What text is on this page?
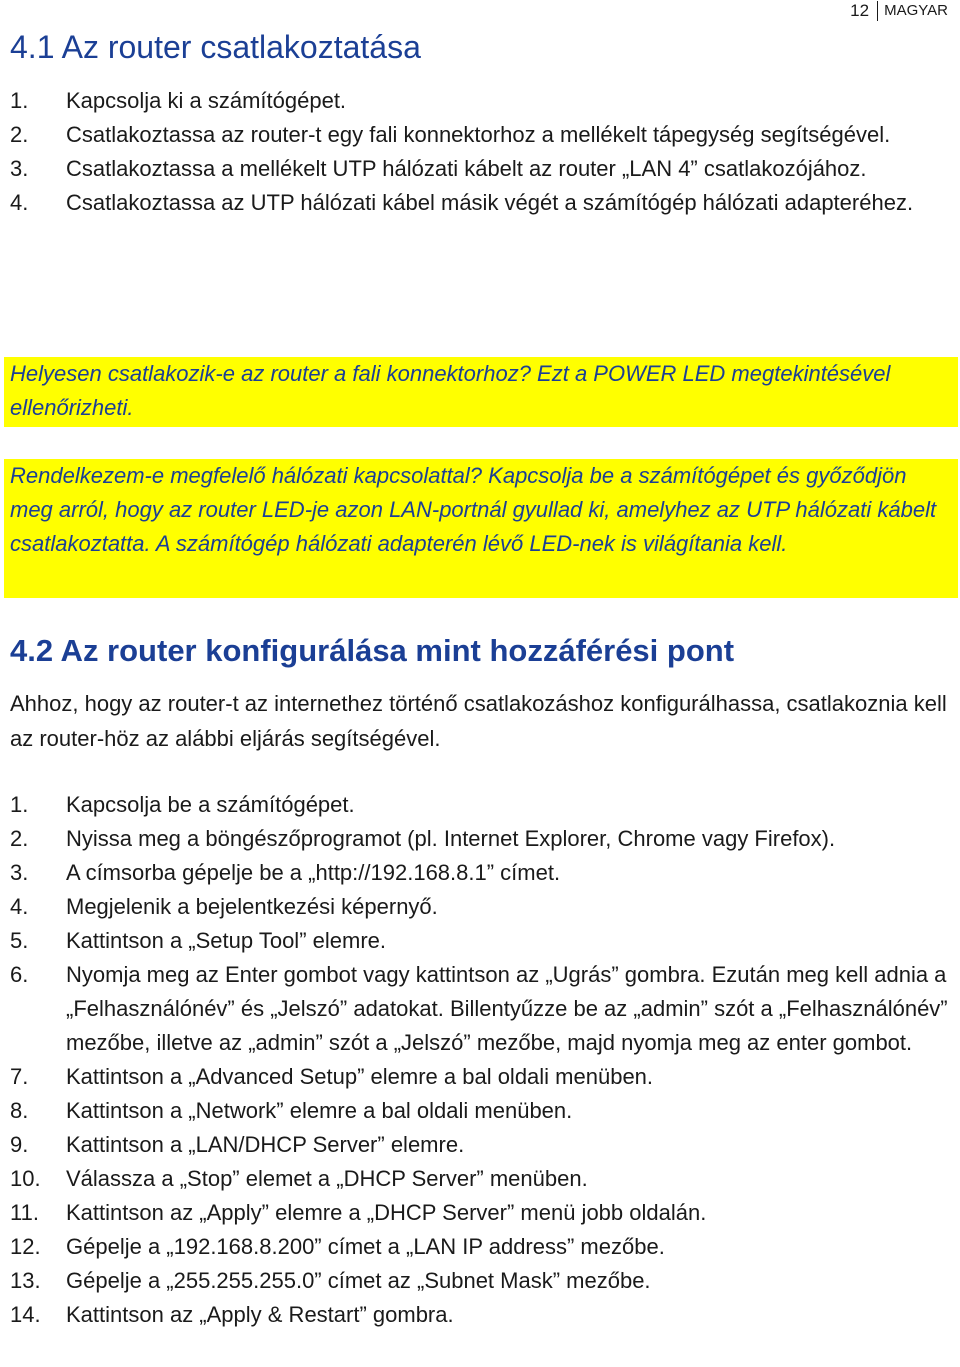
12	MAGYAR
4.1 Az router csatlakoztatása
1. Kapcsolja ki a számítógépet.
2. Csatlakoztassa az router-t egy fali konnektorhoz a mellékelt tápegység segítségével.
3. Csatlakoztassa a mellékelt UTP hálózati kábelt az router „LAN 4” csatlakozójához.
4. Csatlakoztassa az UTP hálózati kábel másik végét a számítógép hálózati adapteréhez.
Helyesen csatlakozik-e az router a fali konnektorhoz? Ezt a POWER LED megtekintésével ellenőrizheti.
Rendelkezem-e megfelelő hálózati kapcsolattal? Kapcsolja be a számítógépet és győződjön meg arról, hogy az router LED-je azon LAN-portnál gyullad ki, amelyhez az UTP hálózati kábelt csatlakoztatta. A számítógép hálózati adapterén lévő LED-nek is világítania kell.
4.2 Az router konfigurálása mint hozzáférési pont

Ahhoz, hogy az router-t az internethez történő csatlakozáshoz konfigurálhassa, csatlakoznia kell az router-höz az alábbi eljárás segítségével.

1. Kapcsolja be a számítógépet.
2. Nyissa meg a böngészőprogramot (pl. Internet Explorer, Chrome vagy Firefox).
3. A címsorba gépelje be a „http://192.168.8.1” címet.
4. Megjelenik a bejelentkezési képernyő.
5. Kattintson a „Setup Tool” elemre.
6. Nyomja meg az Enter gombot vagy kattintson az „Ugrás” gombra. Ezután meg kell adnia a „Felhasználónév” és „Jelszó” adatokat. Billentyűzze be az „admin” szót a „Felhasználónév” mezőbe, illetve az „admin” szót a „Jelszó” mezőbe, majd nyomja meg az enter gombot.
7. Kattintson a „Advanced Setup” elemre a bal oldali menüben.
8. Kattintson a „Network” elemre a bal oldali menüben.
9. Kattintson a „LAN/DHCP Server” elemre.
10. Válassza a „Stop” elemet a „DHCP Server” menüben.
11. Kattintson az „Apply” elemre a „DHCP Server” menü jobb oldalán.
12. Gépelje a „192.168.8.200” címet a „LAN IP address” mezőbe.
13. Gépelje a „255.255.255.0” címet az „Subnet Mask” mezőbe.
14. Kattintson az „Apply & Restart” gombra.
